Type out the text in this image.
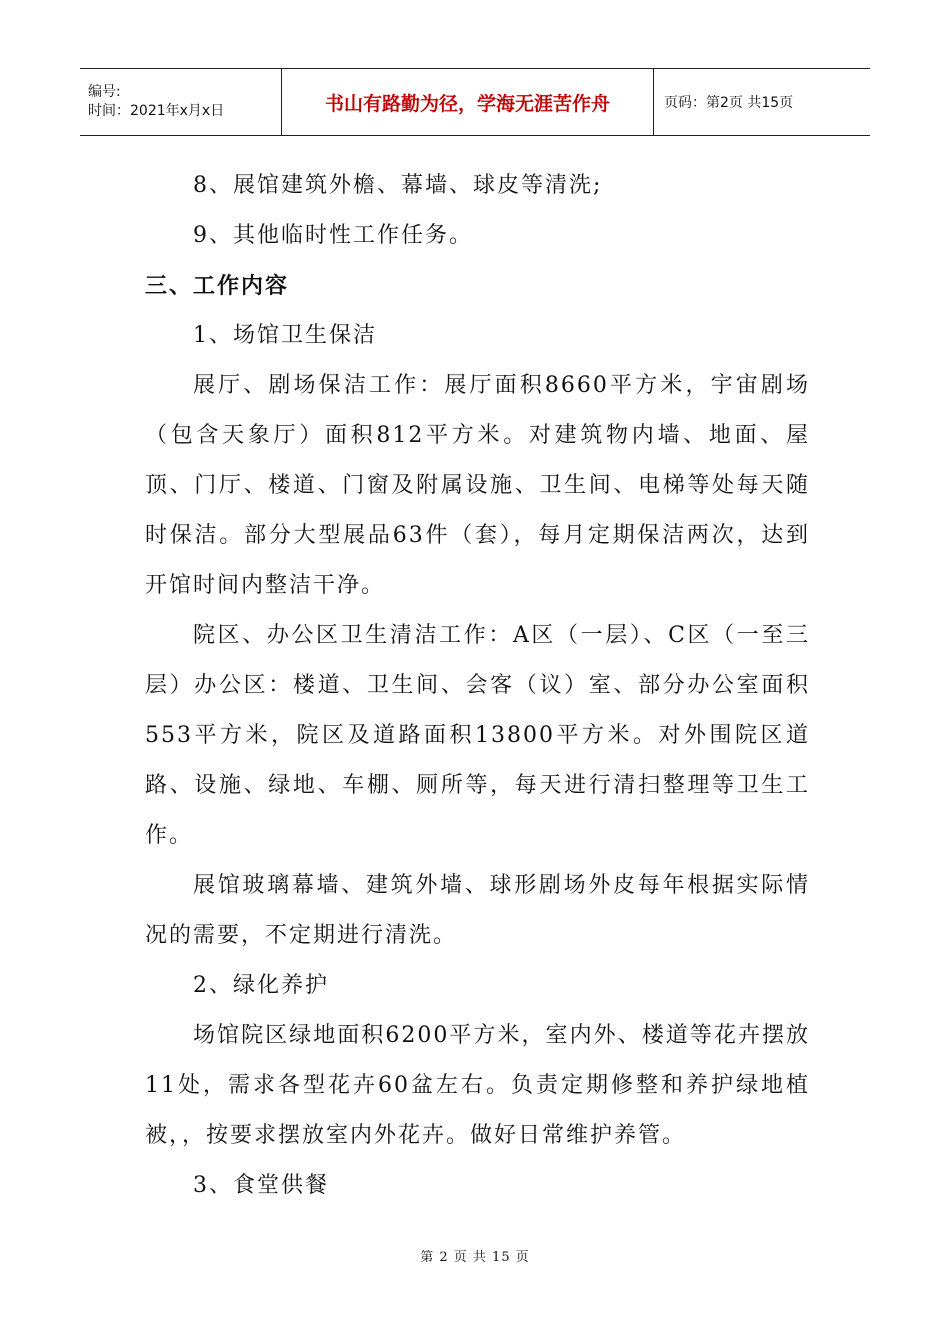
编号:
时间：2021年x月x日	书山有路勤为径，学海无涯苦作舟	页码：第2页 共15页
8、展馆建筑外檐、幕墙、球皮等清洗;
9、其他临时性工作任务。
三、工作内容
1、场馆卫生保洁

展厅、剧场保洁工作：展厅面积8660平方米，宇宙剧场（包含天象厅）面积812平方米。对建筑物内墙、地面、屋顶、门厅、楼道、门窗及附属设施、卫生间、电梯等处每天随时保洁。部分大型展品63件（套），每月定期保洁两次，达到开馆时间内整洁干净。

院区、办公区卫生清洁工作：A区（一层）、C区（一至三层）办公区：楼道、卫生间、会客（议）室、部分办公室面积553平方米，院区及道路面积13800平方米。对外围院区道路、设施、绿地、车棚、厕所等，每天进行清扫整理等卫生工作。

展馆玻璃幕墙、建筑外墙、球形剧场外皮每年根据实际情况的需要，不定期进行清洗。

2、绿化养护

场馆院区绿地面积6200平方米，室内外、楼道等花卉摆放11处，需求各型花卉60盆左右。负责定期修整和养护绿地植被，，按要求摆放室内外花卉。做好日常维护养管。

3、食堂供餐
第 2 页 共 15 页
